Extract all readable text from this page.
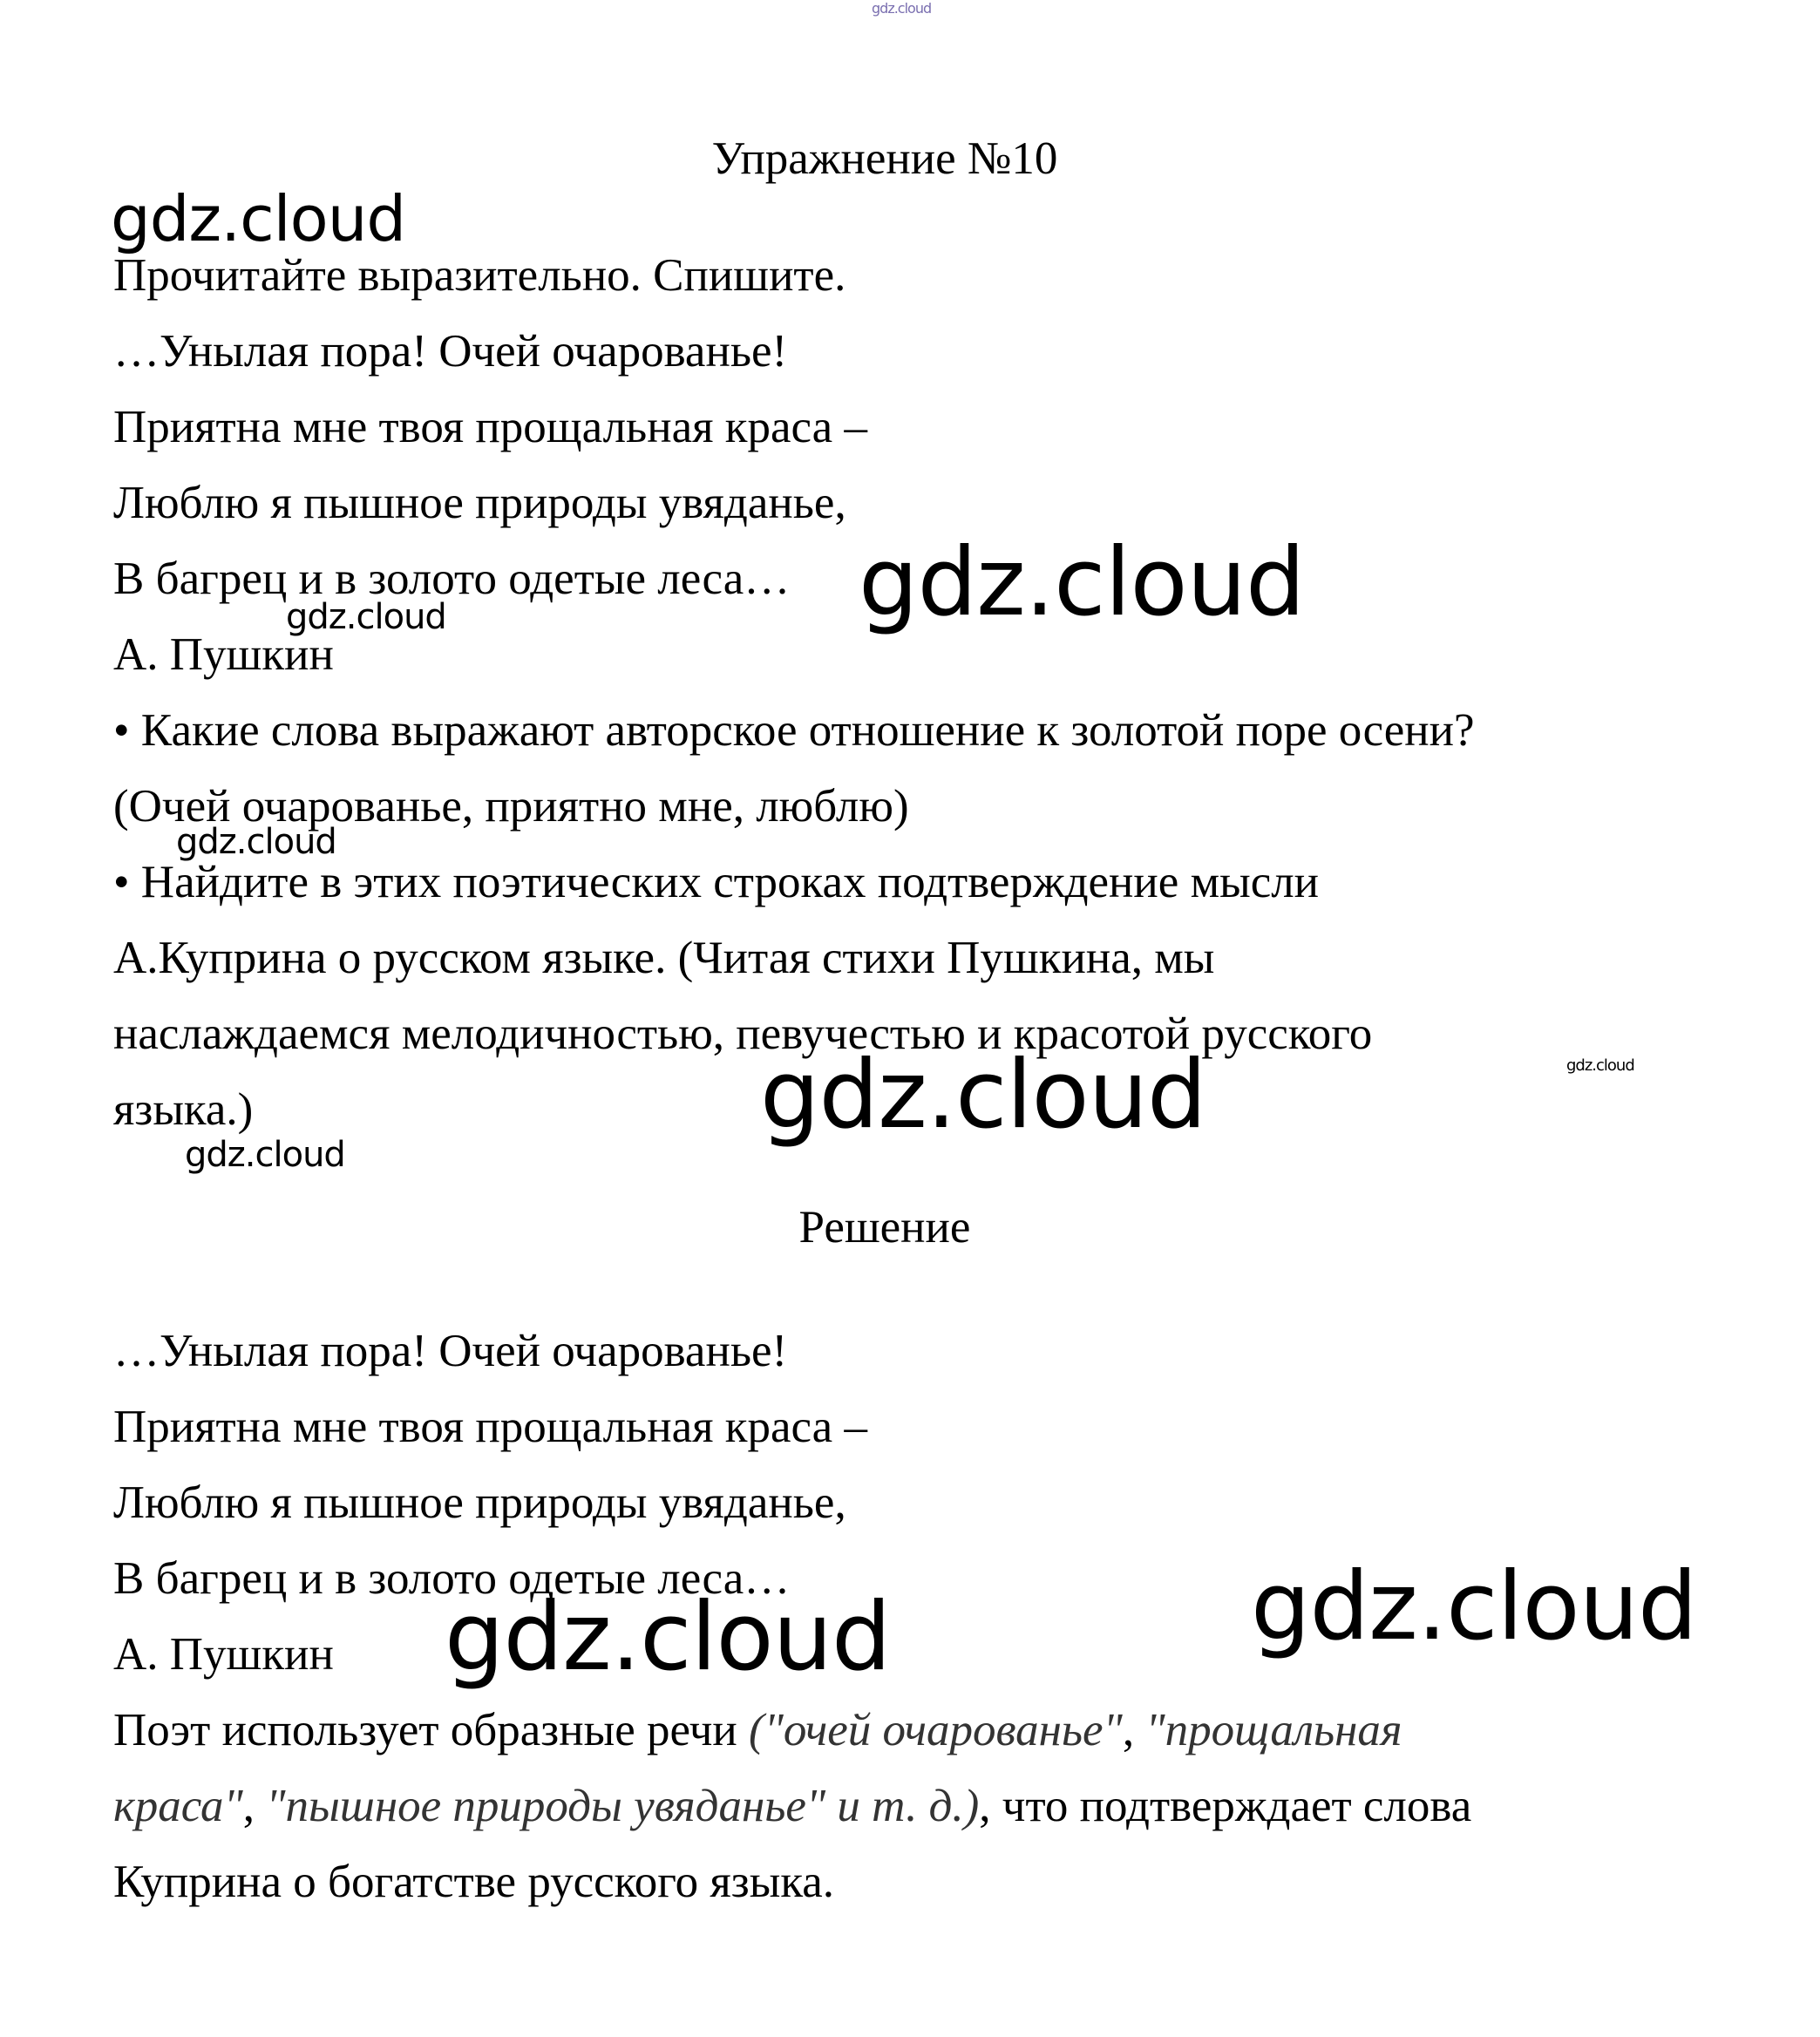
gdz.cloud
gdz.cloud
gdz.cloud
gdz.cloud
gdz.cloud
gdz.cloud
gdz.cloud
gdz.cloud
gdz.cloud
gdz.cloud

Упражнение №10

Прочитайте выразительно. Спишите.

…Унылая пора! Очей очарованье!

Приятна мне твоя прощальная краса –

Люблю я пышное природы увяданье,

В багрец и в золото одетые леса…

А. Пушкин

• Какие слова выражают авторское отношение к золотой поре осени?

(Очей очарованье, приятно мне, люблю)

• Найдите в этих поэтических строках подтверждение мысли

А.Куприна о русском языке. (Читая стихи Пушкина, мы

наслаждаемся мелодичностью, певучестью и красотой русского

языка.)

Решение

…Унылая пора! Очей очарованье!

Приятна мне твоя прощальная краса –

Люблю я пышное природы увяданье,

В багрец и в золото одетые леса…

А. Пушкин

Поэт использует образные речи ("очей очарованье", "прощальная

краса", "пышное природы увяданье" и т. д.), что подтверждает слова

Куприна о богатстве русского языка.
